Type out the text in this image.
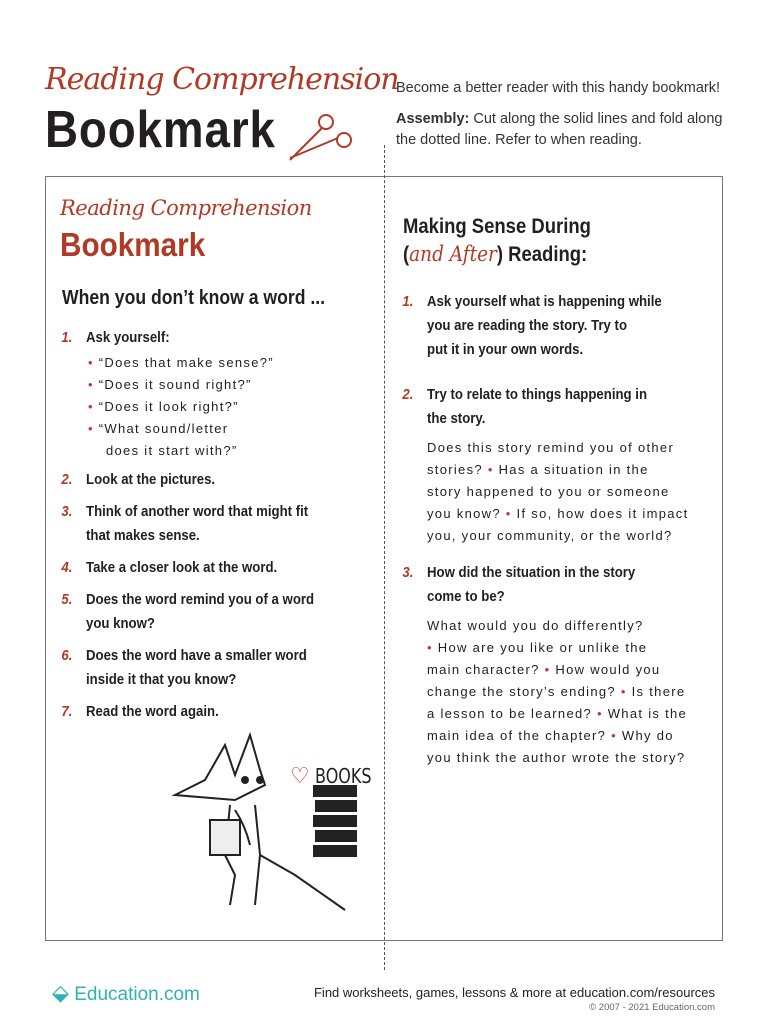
Reading Comprehension
Bookmark

Become a better reader with this handy bookmark!

Assembly: Cut along the solid lines and fold along the dotted line. Refer to when reading.

Reading Comprehension
Bookmark
When you don’t know a word ...
1. Ask yourself:
• “Does that make sense?”
• “Does it sound right?”
• “Does it look right?”
• “What sound/letter
does it start with?”
2. Look at the pictures.
3. Think of another word that might fit
that makes sense.
4. Take a closer look at the word.
5. Does the word remind you of a word
you know?
6. Does the word have a smaller word
inside it that you know?
7. Read the word again.
Making Sense During
(and After) Reading:
1. Ask yourself what is happening while
you are reading the story. Try to
put it in your own words.
2. Try to relate to things happening in
the story.
Does this story remind you of other
stories? • Has a situation in the
story happened to you or someone
you know? • If so, how does it impact
you, your community, or the world?
3. How did the situation in the story
come to be?
What would you do differently?
• How are you like or unlike the
main character? • How would you
change the story’s ending? • Is there
a lesson to be learned? • What is the
main idea of the chapter? • Why do
you think the author wrote the story?
♡ BOOKS
⬙ Education.com	Find worksheets, games, lessons & more at education.com/resources
© 2007 - 2021 Education.com
